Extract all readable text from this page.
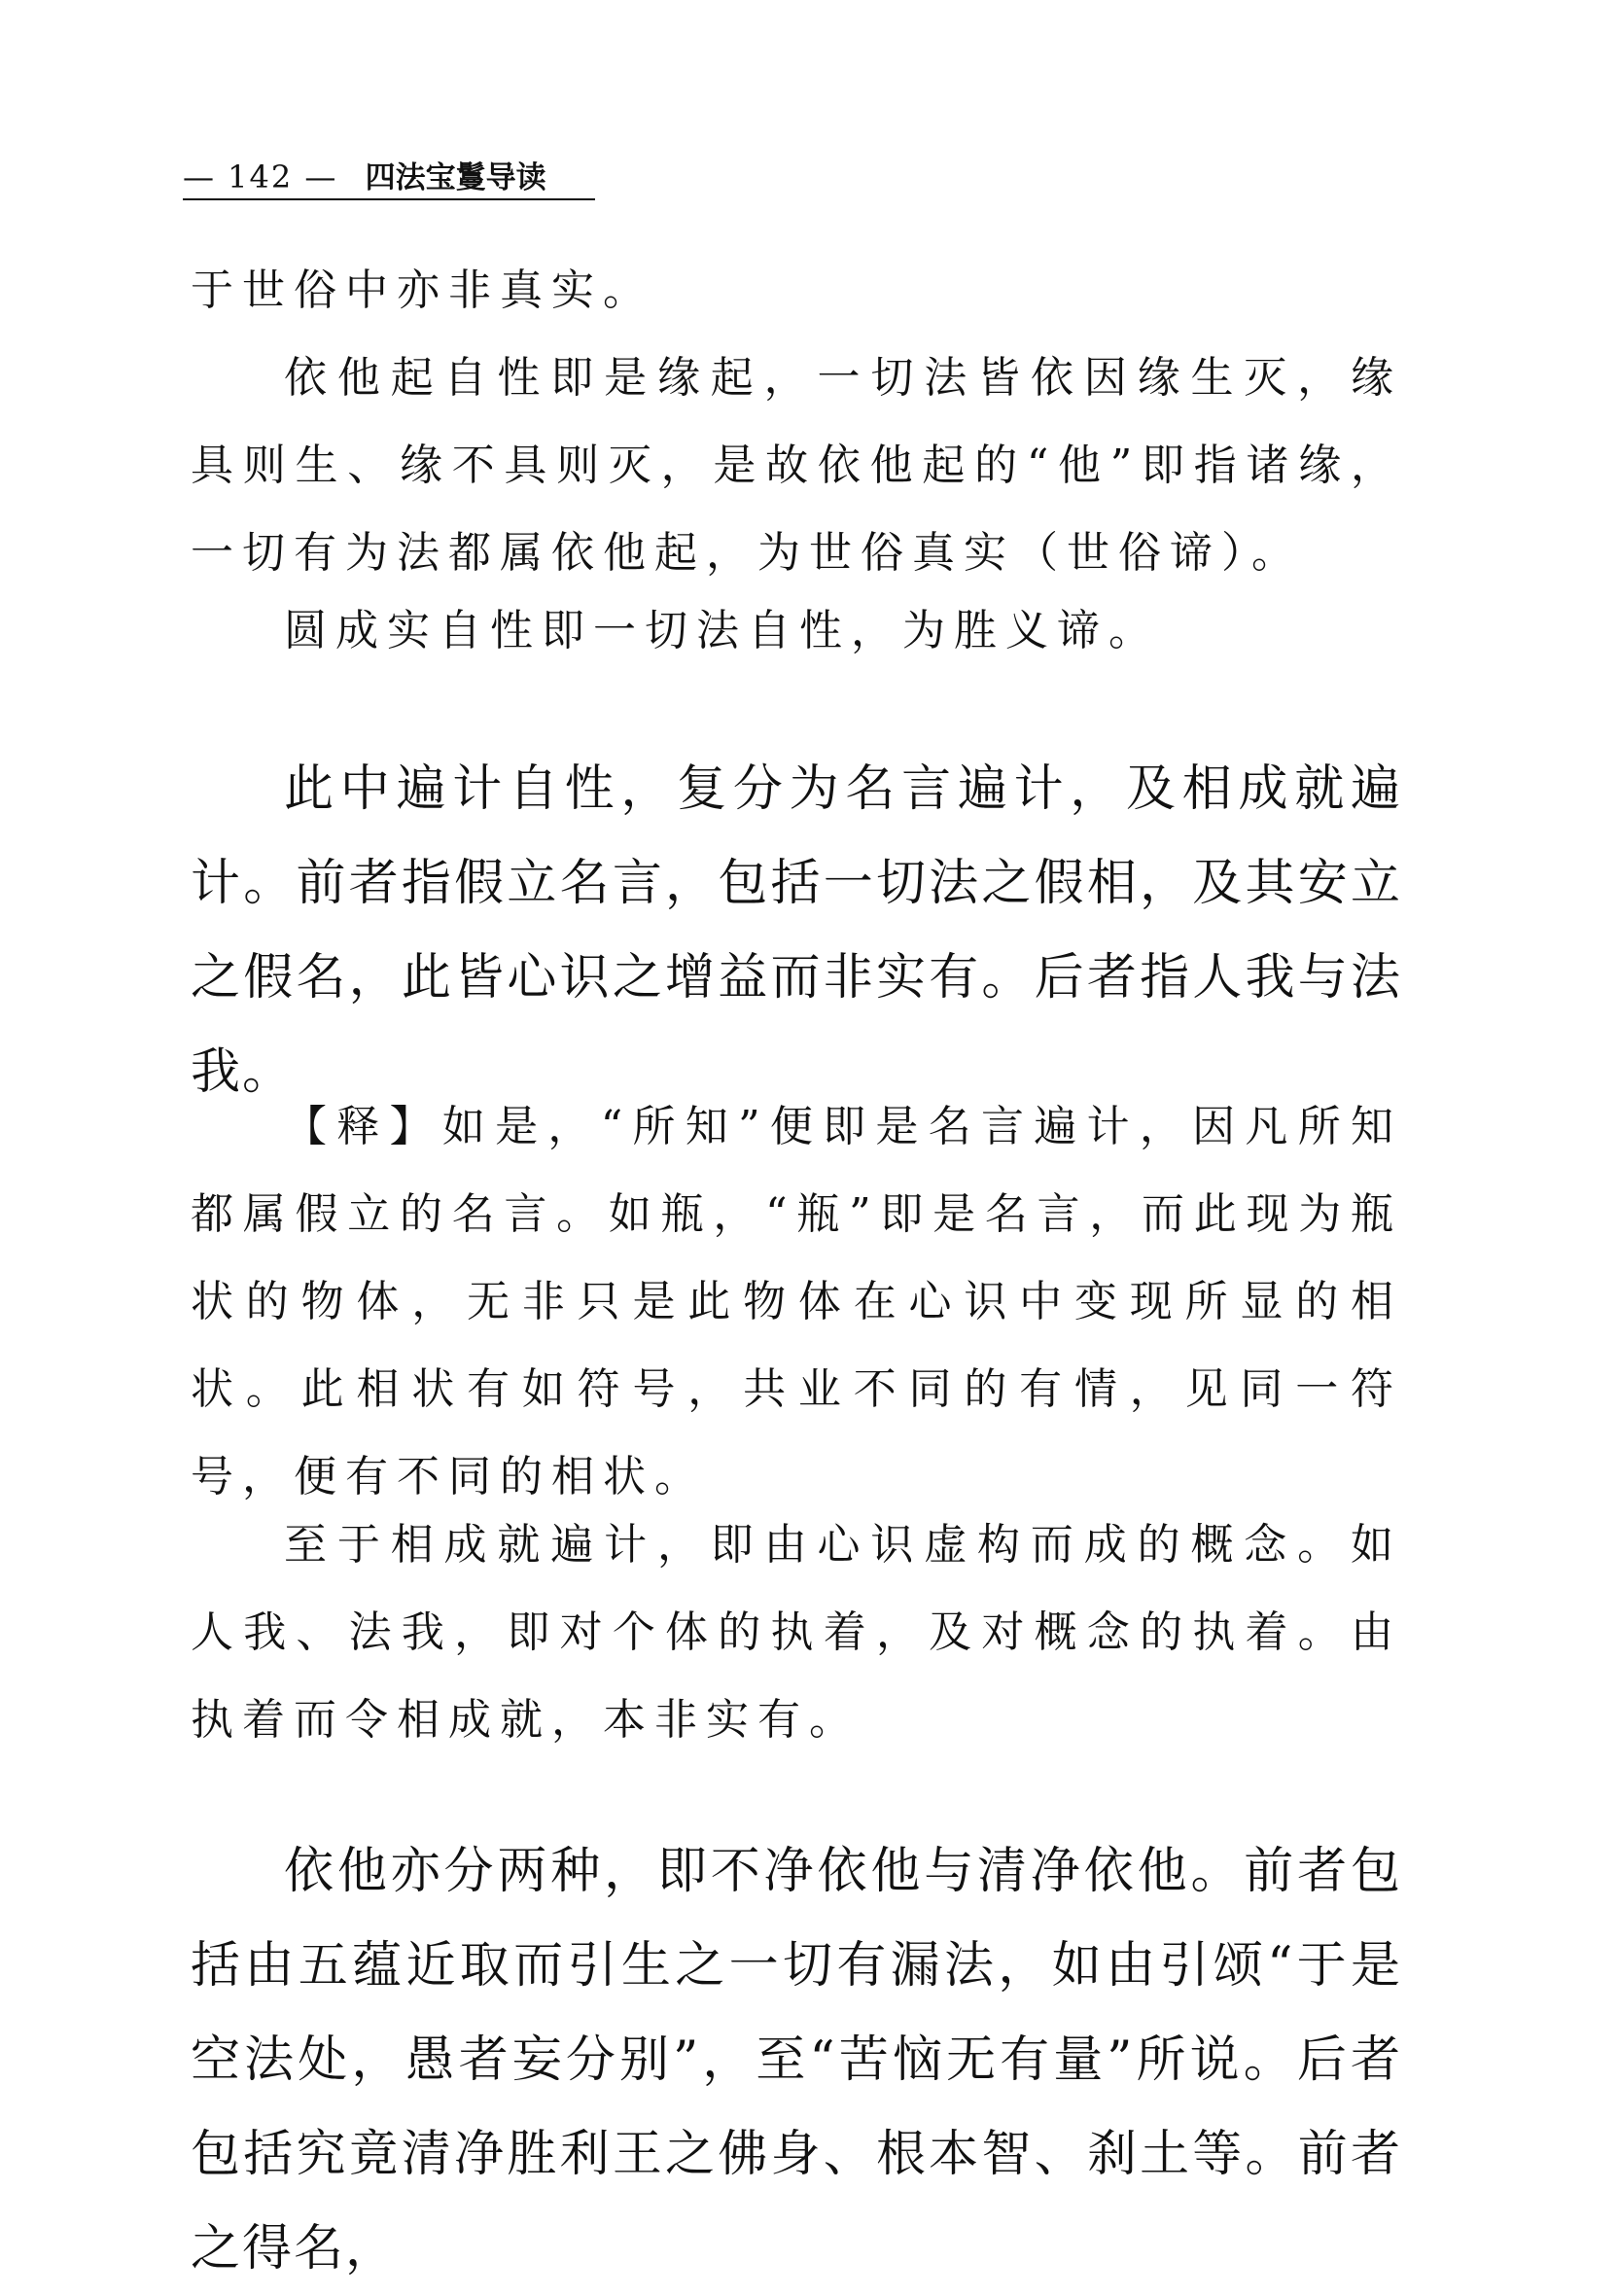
— 142 — 四法宝鬘导读

于世俗中亦非真实。

依他起自性即是缘起，一切法皆依因缘生灭，缘具则生、缘不具则灭，是故依他起的“他”即指诸缘，一切有为法都属依他起，为世俗真实（世俗谛）。

圆成实自性即一切法自性，为胜义谛。

此中遍计自性，复分为名言遍计，及相成就遍计。前者指假立名言，包括一切法之假相，及其安立之假名，此皆心识之增益而非实有。后者指人我与法我。

【释】如是，“所知”便即是名言遍计，因凡所知都属假立的名言。如瓶，“瓶”即是名言，而此现为瓶状的物体，无非只是此物体在心识中变现所显的相状。此相状有如符号，共业不同的有情，见同一符号，便有不同的相状。

至于相成就遍计，即由心识虚构而成的概念。如人我、法我，即对个体的执着，及对概念的执着。由执着而令相成就，本非实有。

依他亦分两种，即不净依他与清净依他。前者包括由五蕴近取而引生之一切有漏法，如由引颂“于是空法处，愚者妄分别”，至“苦恼无有量”所说。后者包括究竟清净胜利王之佛身、根本智、刹土等。前者之得名，
